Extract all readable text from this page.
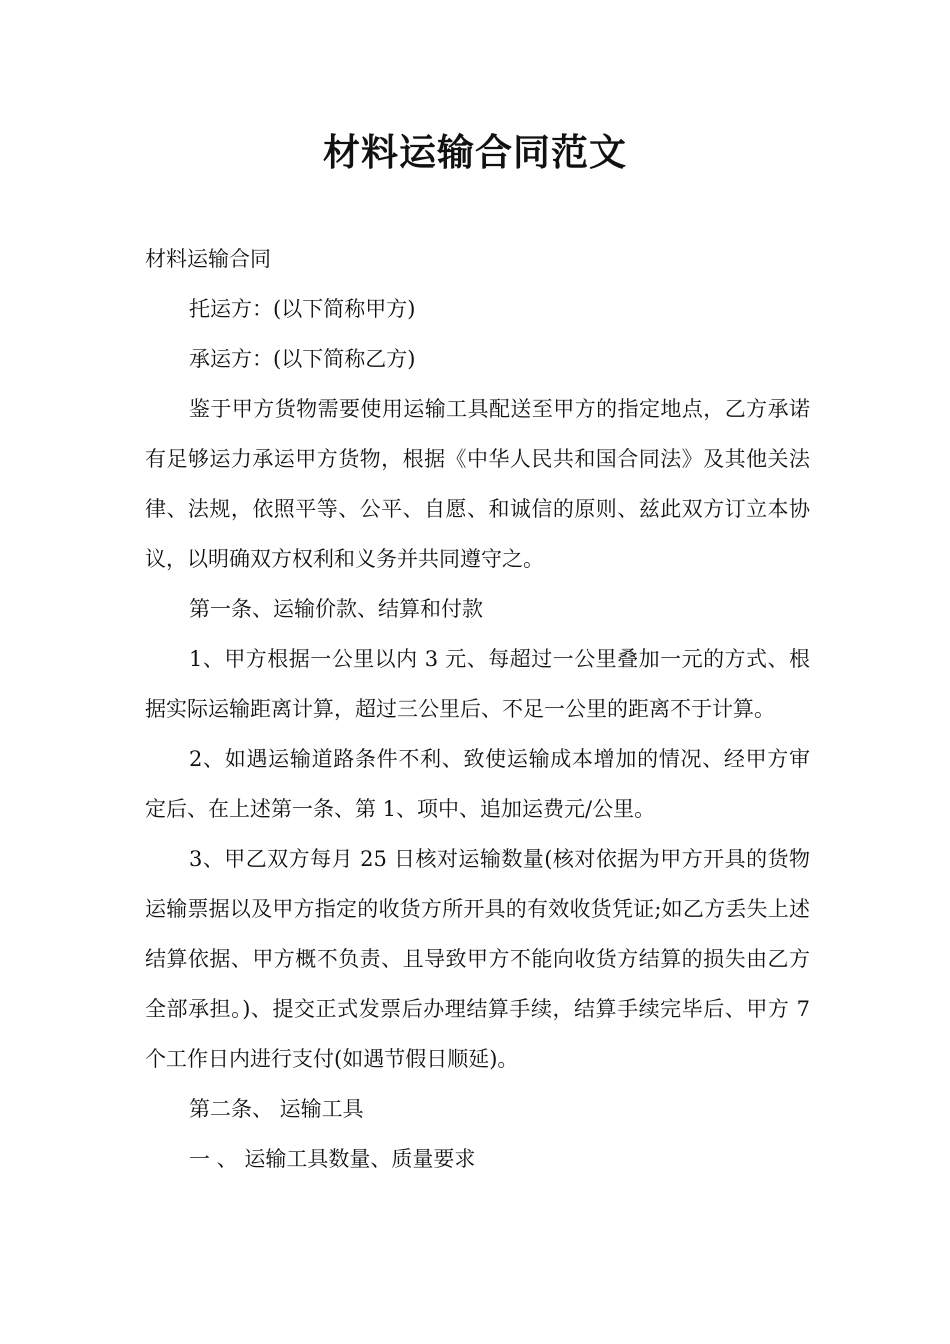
材料运输合同范文

材料运输合同

托运方：(以下简称甲方)

承运方：(以下简称乙方)

鉴于甲方货物需要使用运输工具配送至甲方的指定地点，乙方承诺有足够运力承运甲方货物，根据《中华人民共和国合同法》及其他关法律、法规，依照平等、公平、自愿、和诚信的原则、兹此双方订立本协议，以明确双方权利和义务并共同遵守之。

第一条、运输价款、结算和付款

1、甲方根据一公里以内 3 元、每超过一公里叠加一元的方式、根据实际运输距离计算，超过三公里后、不足一公里的距离不于计算。

2、如遇运输道路条件不利、致使运输成本增加的情况、经甲方审定后、在上述第一条、第 1、项中、追加运费元/公里。

3、甲乙双方每月 25 日核对运输数量(核对依据为甲方开具的货物运输票据以及甲方指定的收货方所开具的有效收货凭证;如乙方丢失上述结算依据、甲方概不负责、且导致甲方不能向收货方结算的损失由乙方全部承担。)、提交正式发票后办理结算手续，结算手续完毕后、甲方 7 个工作日内进行支付(如遇节假日顺延)。

第二条、 运输工具

一 、 运输工具数量、质量要求
